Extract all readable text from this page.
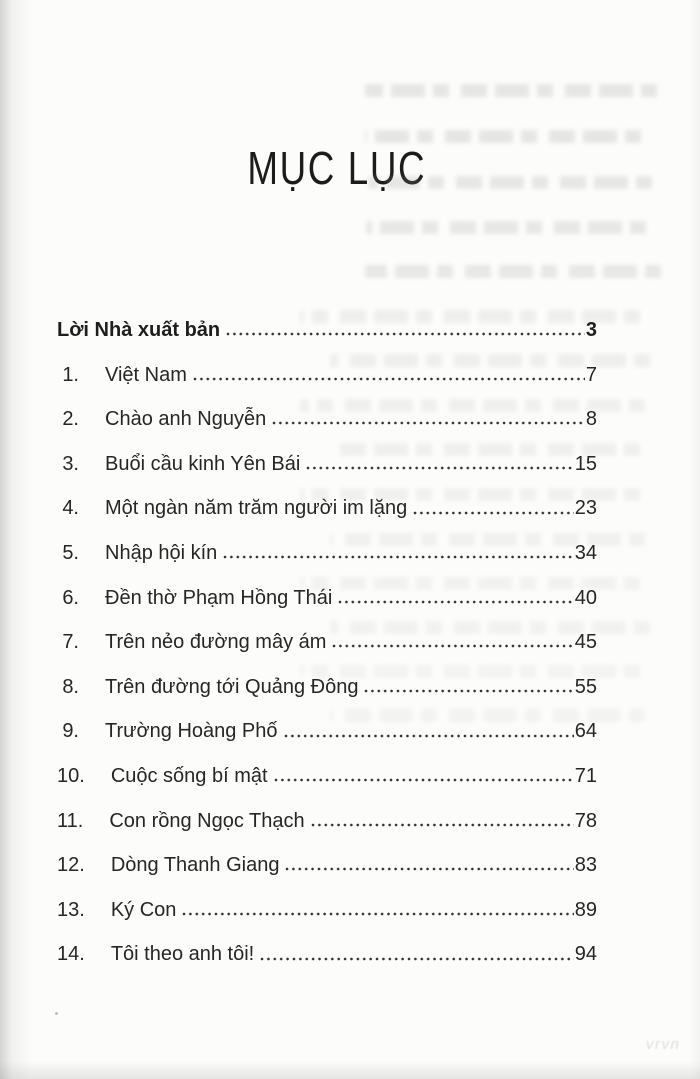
MỤC LỤC
Lời Nhà xuất bản	3
1. Việt Nam	7
2. Chào anh Nguyễn	8
3. Buổi cầu kinh Yên Bái	15
4. Một ngàn năm trăm người im lặng	23
5. Nhập hội kín	34
6. Đền thờ Phạm Hồng Thái	40
7. Trên nẻo đường mây ám	45
8. Trên đường tới Quảng Đông	55
9. Trường Hoàng Phố	64
10. Cuộc sống bí mật	71
11. Con rồng Ngọc Thạch	78
12. Dòng Thanh Giang	83
13. Ký Con	89
14. Tôi theo anh tôi!	94
vrvn
